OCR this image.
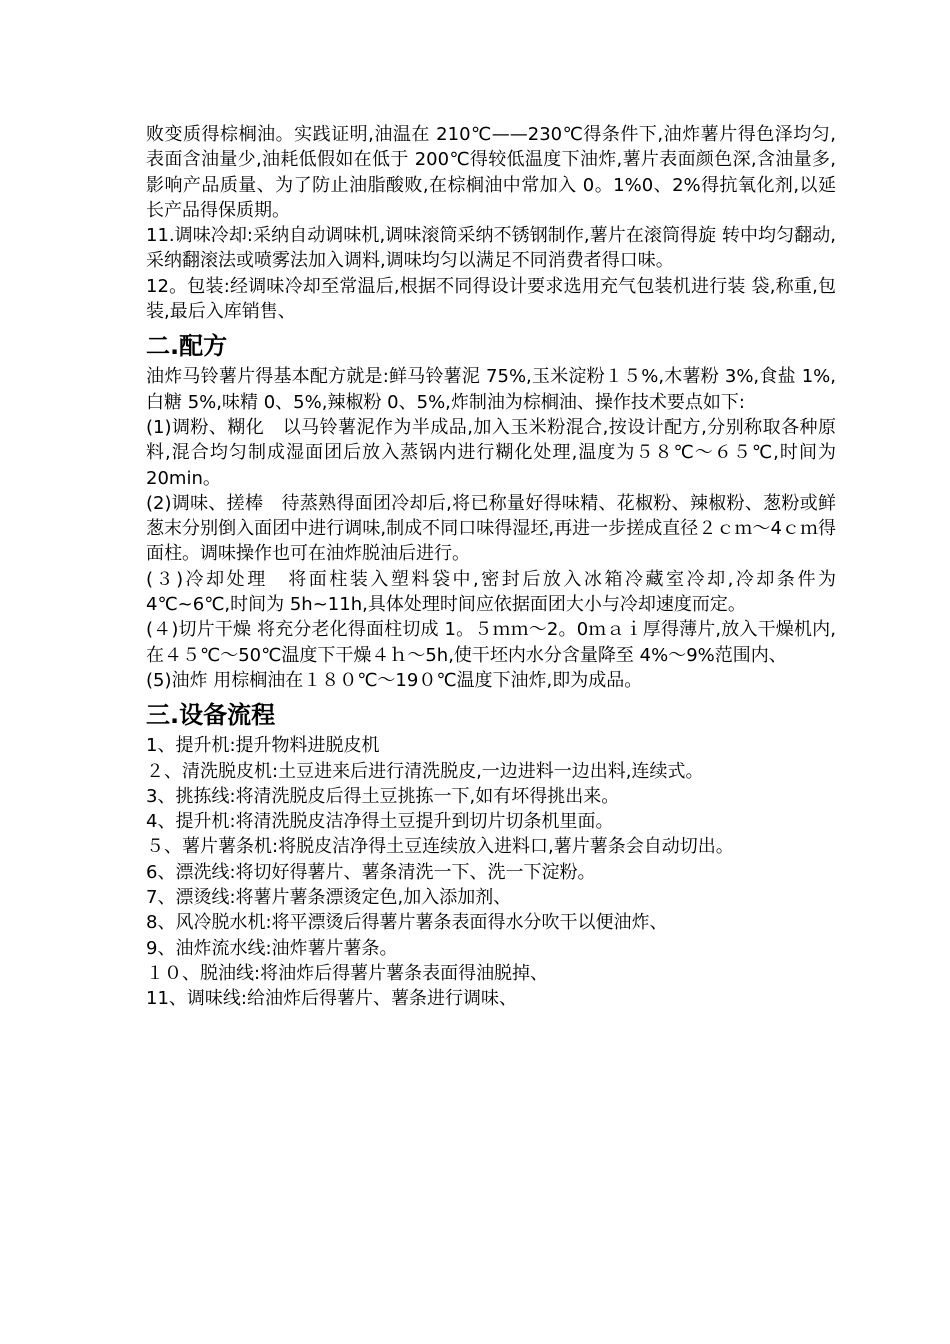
败变质得棕榈油。实践证明,油温在 210℃——230℃得条件下,油炸薯片得色泽均匀,表面含油量少,油耗低假如在低于 200℃得较低温度下油炸,薯片表面颜色深,含油量多,影响产品质量、为了防止油脂酸败,在棕榈油中常加入 0。1%0、2%得抗氧化剂,以延长产品得保质期。

11.调味冷却:采纳自动调味机,调味滚筒采纳不锈钢制作,薯片在滚筒得旋 转中均匀翻动,采纳翻滚法或喷雾法加入调料,调味均匀以满足不同消费者得口味。

12。包装:经调味冷却至常温后,根据不同得设计要求选用充气包装机进行装 袋,称重,包装,最后入库销售、

二.配方

油炸马铃薯片得基本配方就是:鲜马铃薯泥 75%,玉米淀粉１５%,木薯粉 3%,食盐 1%,白糖 5%,味精 0、5%,辣椒粉 0、5%,炸制油为棕榈油、操作技术要点如下:

(1)调粉、糊化　以马铃薯泥作为半成品,加入玉米粉混合,按设计配方,分别称取各种原料,混合均匀制成湿面团后放入蒸锅内进行糊化处理,温度为５８℃～６５℃,时间为 20min。

(2)调味、搓棒　待蒸熟得面团冷却后,将已称量好得味精、花椒粉、辣椒粉、葱粉或鲜葱末分别倒入面团中进行调味,制成不同口味得湿坯,再进一步搓成直径２ｃｍ～4ｃｍ得面柱。调味操作也可在油炸脱油后进行。

(３)冷却处理　将面柱装入塑料袋中,密封后放入冰箱冷藏室冷却,冷却条件为 4℃~6℃,时间为 5h~11h,具体处理时间应依据面团大小与冷却速度而定。

(４)切片干燥 将充分老化得面柱切成 1。５ｍｍ～2。0ｍａｉ厚得薄片,放入干燥机内,在４５℃～50℃温度下干燥４ｈ～5h,使干坯内水分含量降至 4%～9%范围内、

(5)油炸 用棕榈油在１８０℃～19０℃温度下油炸,即为成品。

三.设备流程

1、提升机:提升物料进脱皮机

２、清洗脱皮机:土豆进来后进行清洗脱皮,一边进料一边出料,连续式。

3、挑拣线:将清洗脱皮后得土豆挑拣一下,如有坏得挑出来。

4、提升机:将清洗脱皮洁净得土豆提升到切片切条机里面。

５、薯片薯条机:将脱皮洁净得土豆连续放入进料口,薯片薯条会自动切出。

6、漂洗线:将切好得薯片、薯条清洗一下、洗一下淀粉。

7、漂烫线:将薯片薯条漂烫定色,加入添加剂、

8、风冷脱水机:将平漂烫后得薯片薯条表面得水分吹干以便油炸、

9、油炸流水线:油炸薯片薯条。

１０、脱油线:将油炸后得薯片薯条表面得油脱掉、

11、调味线:给油炸后得薯片、薯条进行调味、
